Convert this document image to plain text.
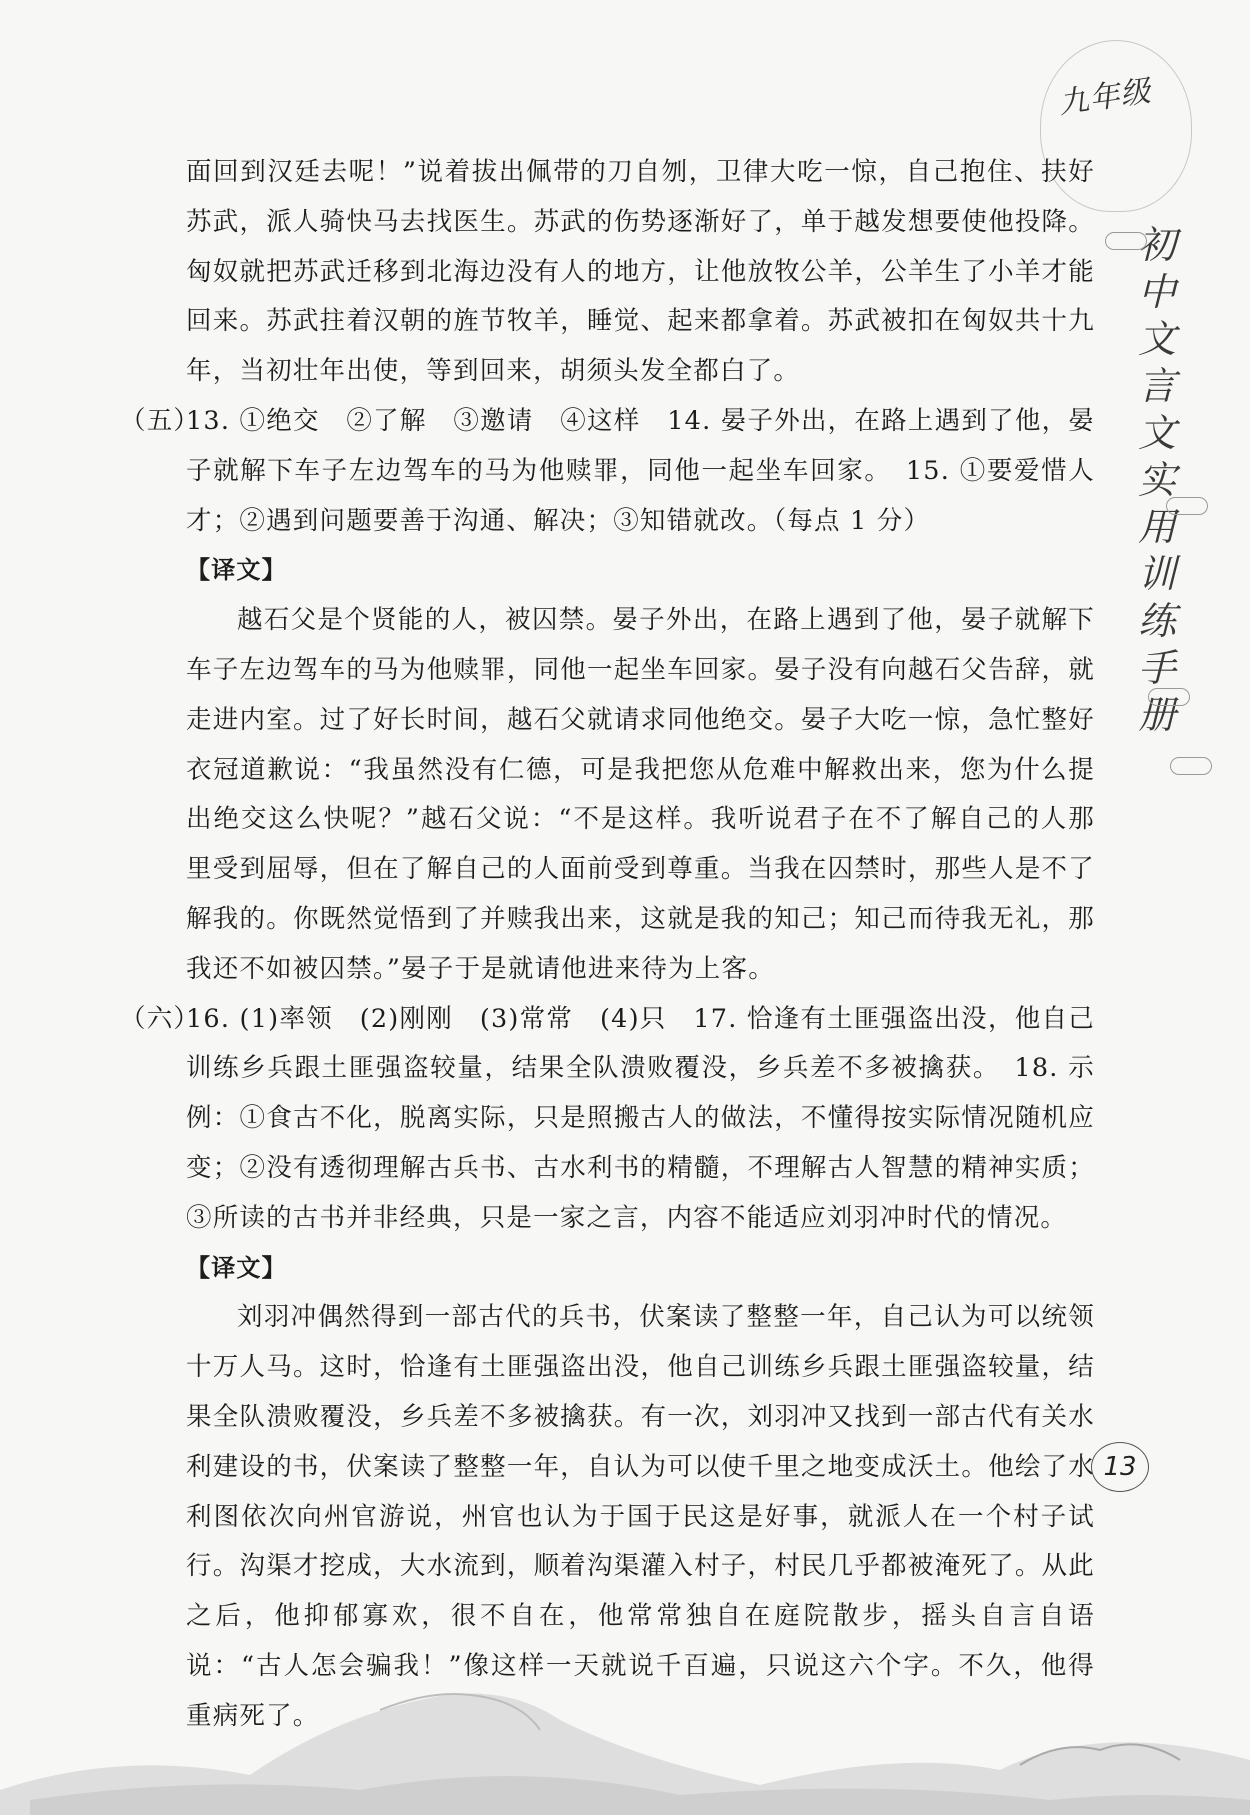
九年级
初中文言文实用训练手册

面回到汉廷去呢！”说着拔出佩带的刀自刎，卫律大吃一惊，自己抱住、扶好苏武，派人骑快马去找医生。苏武的伤势逐渐好了，单于越发想要使他投降。匈奴就把苏武迁移到北海边没有人的地方，让他放牧公羊，公羊生了小羊才能回来。苏武拄着汉朝的旌节牧羊，睡觉、起来都拿着。苏武被扣在匈奴共十九年，当初壮年出使，等到回来，胡须头发全都白了。

（五）
13. ①绝交　②了解　③邀请　④这样　14. 晏子外出，在路上遇到了他，晏子就解下车子左边驾车的马为他赎罪，同他一起坐车回家。　15. ①要爱惜人才；②遇到问题要善于沟通、解决；③知错就改。（每点 1 分）

【译文】

越石父是个贤能的人，被囚禁。晏子外出，在路上遇到了他，晏子就解下车子左边驾车的马为他赎罪，同他一起坐车回家。晏子没有向越石父告辞，就走进内室。过了好长时间，越石父就请求同他绝交。晏子大吃一惊，急忙整好衣冠道歉说：“我虽然没有仁德，可是我把您从危难中解救出来，您为什么提出绝交这么快呢？”越石父说：“不是这样。我听说君子在不了解自己的人那里受到屈辱，但在了解自己的人面前受到尊重。当我在囚禁时，那些人是不了解我的。你既然觉悟到了并赎我出来，这就是我的知己；知己而待我无礼，那我还不如被囚禁。”晏子于是就请他进来待为上客。

（六）
16. (1)率领　(2)刚刚　(3)常常　(4)只　17. 恰逢有土匪强盗出没，他自己训练乡兵跟土匪强盗较量，结果全队溃败覆没，乡兵差不多被擒获。　18. 示例：①食古不化，脱离实际，只是照搬古人的做法，不懂得按实际情况随机应变；②没有透彻理解古兵书、古水利书的精髓，不理解古人智慧的精神实质；③所读的古书并非经典，只是一家之言，内容不能适应刘羽冲时代的情况。

【译文】

刘羽冲偶然得到一部古代的兵书，伏案读了整整一年，自己认为可以统领十万人马。这时，恰逢有土匪强盗出没，他自己训练乡兵跟土匪强盗较量，结果全队溃败覆没，乡兵差不多被擒获。有一次，刘羽冲又找到一部古代有关水利建设的书，伏案读了整整一年，自认为可以使千里之地变成沃土。他绘了水利图依次向州官游说，州官也认为于国于民这是好事，就派人在一个村子试行。沟渠才挖成，大水流到，顺着沟渠灌入村子，村民几乎都被淹死了。从此之后，他抑郁寡欢，很不自在，他常常独自在庭院散步，摇头自言自语说：“古人怎会骗我！”像这样一天就说千百遍，只说这六个字。不久，他得重病死了。

13
